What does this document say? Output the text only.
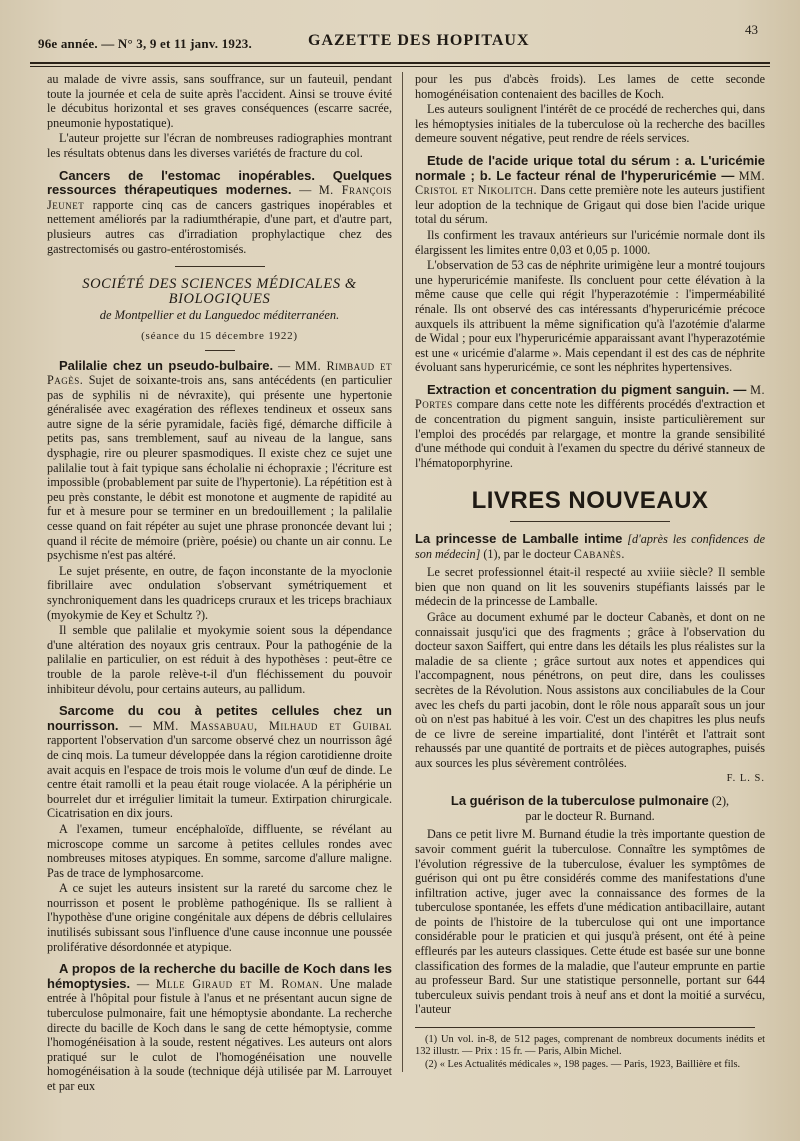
96e année. — N° 3, 9 et 11 janv. 1923.	GAZETTE DES HOPITAUX
43

au malade de vivre assis, sans souffrance, sur un fauteuil, pendant toute la journée et cela de suite après l'accident. Ainsi se trouve évité le décubitus horizontal et ses graves conséquences (escarre sacrée, pneumonie hypostatique).

L'auteur projette sur l'écran de nombreuses radiographies montrant les résultats obtenus dans les diverses variétés de fracture du col.

Cancers de l'estomac inopérables. Quelques ressources thérapeutiques modernes. — M. François Jeunet rapporte cinq cas de cancers gastriques inopérables et nettement améliorés par la radiumthérapie, d'une part, et d'autre part, plusieurs autres cas d'irradiation prophylactique chez des gastrectomisés ou gastro-entérostomisés.

SOCIÉTÉ DES SCIENCES MÉDICALES & BIOLOGIQUES
de Montpellier et du Languedoc méditerranéen.
(séance du 15 décembre 1922)

Palilalie chez un pseudo-bulbaire. — MM. Rimbaud et Pagès. Sujet de soixante-trois ans, sans antécédents (en particulier pas de syphilis ni de névraxite), qui présente une hypertonie généralisée avec exagération des réflexes tendineux et osseux sans autre signe de la série pyramidale, faciès figé, démarche difficile à petits pas, sans tremblement, sauf au niveau de la langue, sans dysphagie, rire ou pleurer spasmodiques. Il existe chez ce sujet une palilalie tout à fait typique sans écholalie ni échopraxie ; l'écriture est impossible (probablement par suite de l'hypertonie). La répétition est à peu près constante, le débit est monotone et augmente de rapidité au fur et à mesure pour se terminer en un bredouillement ; la palilalie cesse quand on fait répéter au sujet une phrase prononcée devant lui ; quand il récite de mémoire (prière, poésie) ou chante un air connu. Le psychisme n'est pas altéré.

Le sujet présente, en outre, de façon inconstante de la myoclonie fibrillaire avec ondulation s'observant symétriquement et synchroniquement dans les quadriceps cruraux et les triceps brachiaux (myokymie de Key et Schultz ?).

Il semble que palilalie et myokymie soient sous la dépendance d'une altération des noyaux gris centraux. Pour la pathogénie de la palilalie en particulier, on est réduit à des hypothèses : peut-être ce trouble de la parole relève-t-il d'un fléchissement du pouvoir inhibiteur dévolu, pour certains auteurs, au pallidum.

Sarcome du cou à petites cellules chez un nourrisson. — MM. Massabuau, Milhaud et Guibal rapportent l'observation d'un sarcome observé chez un nourrisson âgé de cinq mois. La tumeur développée dans la région carotidienne droite avait acquis en l'espace de trois mois le volume d'un œuf de dinde. Le centre était ramolli et la peau était rouge violacée. A la périphérie un bourrelet dur et irrégulier limitait la tumeur. Extirpation chirurgicale. Cicatrisation en dix jours.

A l'examen, tumeur encéphaloïde, diffluente, se révélant au microscope comme un sarcome à petites cellules rondes avec nombreuses mitoses atypiques. En somme, sarcome d'allure maligne. Pas de trace de lymphosarcome.

A ce sujet les auteurs insistent sur la rareté du sarcome chez le nourrisson et posent le problème pathogénique. Ils se rallient à l'hypothèse d'une origine congénitale aux dépens de débris cellulaires inutilisés subissant sous l'influence d'une cause inconnue une poussée proliférative désordonnée et atypique.

A propos de la recherche du bacille de Koch dans les hémoptysies. — Mlle Giraud et M. Roman. Une malade entrée à l'hôpital pour fistule à l'anus et ne présentant aucun signe de tuberculose pulmonaire, fait une hémoptysie abondante. La recherche directe du bacille de Koch dans le sang de cette hémoptysie, comme l'homogénéisation à la soude, restent négatives. Les auteurs ont alors pratiqué sur le culot de l'homogénéisation une nouvelle homogénéisation à la soude (technique déjà utilisée par M. Larrouyet et par eux

pour les pus d'abcès froids). Les lames de cette seconde homogénéisation contenaient des bacilles de Koch.

Les auteurs soulignent l'intérêt de ce procédé de recherches qui, dans les hémoptysies initiales de la tuberculose où la recherche des bacilles demeure souvent négative, peut rendre de réels services.

Etude de l'acide urique total du sérum : a. L'uricémie normale ; b. Le facteur rénal de l'hyperuricémie — MM. Cristol et Nikolitch. Dans cette première note les auteurs justifient leur adoption de la technique de Grigaut qui dose bien l'acide urique total du sérum.

Ils confirment les travaux antérieurs sur l'uricémie normale dont ils élargissent les limites entre 0,03 et 0,05 p. 1000.

L'observation de 53 cas de néphrite urimigène leur a montré toujours une hyperuricémie manifeste. Ils concluent pour cette élévation à la même cause que celle qui régit l'hyperazotémie : l'imperméabilité rénale. Ils ont observé des cas intéressants d'hyperuricémie précoce auxquels ils attribuent la même signification qu'à l'azotémie d'alarme de Widal ; pour eux l'hyperuricémie apparaissant avant l'hyperazotémie est une « uricémie d'alarme ». Mais cependant il est des cas de néphrite évoluant sans hyperuricémie, ce sont les néphrites hypertensives.

Extraction et concentration du pigment sanguin. — M. Portes compare dans cette note les différents procédés d'extraction et de concentration du pigment sanguin, insiste particulièrement sur l'emploi des procédés par relargage, et montre la grande sensibilité d'une méthode qui conduit à l'examen du spectre du dérivé stanneux de l'hématoporphyrine.

LIVRES NOUVEAUX

La princesse de Lamballe intime [d'après les confidences de son médecin] (1), par le docteur Cabanès.

Le secret professionnel était-il respecté au xviiie siècle? Il semble bien que non quand on lit les souvenirs stupéfiants laissés par le médecin de la princesse de Lamballe.

Grâce au document exhumé par le docteur Cabanès, et dont on ne connaissait jusqu'ici que des fragments ; grâce à l'observation du docteur saxon Saiffert, qui entre dans les détails les plus réalistes sur la maladie de sa cliente ; grâce surtout aux notes et appendices qui l'accompagnent, nous pénétrons, on peut dire, dans les coulisses secrètes de la Révolution. Nous assistons aux conciliabules de la Cour avec les chefs du parti jacobin, dont le rôle nous apparaît sous un jour où on n'est pas habitué à les voir. C'est un des chapitres les plus neufs de ce livre de sereine impartialité, dont l'intérêt et l'attrait sont rehaussés par une quantité de portraits et de pièces autographes, puisés aux sources les plus sévèrement contrôlées.

F. L. S.

La guérison de la tuberculose pulmonaire (2),
par le docteur R. Burnand.

Dans ce petit livre M. Burnand étudie la très importante question de savoir comment guérit la tuberculose. Connaître les symptômes de l'évolution régressive de la tuberculose, évaluer les symptômes de guérison qui ont pu être considérés comme des manifestations d'une infiltration active, juger avec la connaissance des formes de la tuberculose spontanée, les effets d'une médication antibacillaire, autant de points de l'histoire de la tuberculose qui ont une importance considérable pour le praticien et qui jusqu'à présent, ont été à peine effleurés par les auteurs classiques. Cette étude est basée sur une bonne classification des formes de la maladie, que l'auteur emprunte en partie au professeur Bard. Sur une statistique personnelle, portant sur 644 tuberculeux suivis pendant trois à neuf ans et dont la moitié a survécu, l'auteur

(1) Un vol. in-8, de 512 pages, comprenant de nombreux documents inédits et 132 illustr. — Prix : 15 fr. — Paris, Albin Michel.

(2) « Les Actualités médicales », 198 pages. — Paris, 1923, Baillière et fils.
